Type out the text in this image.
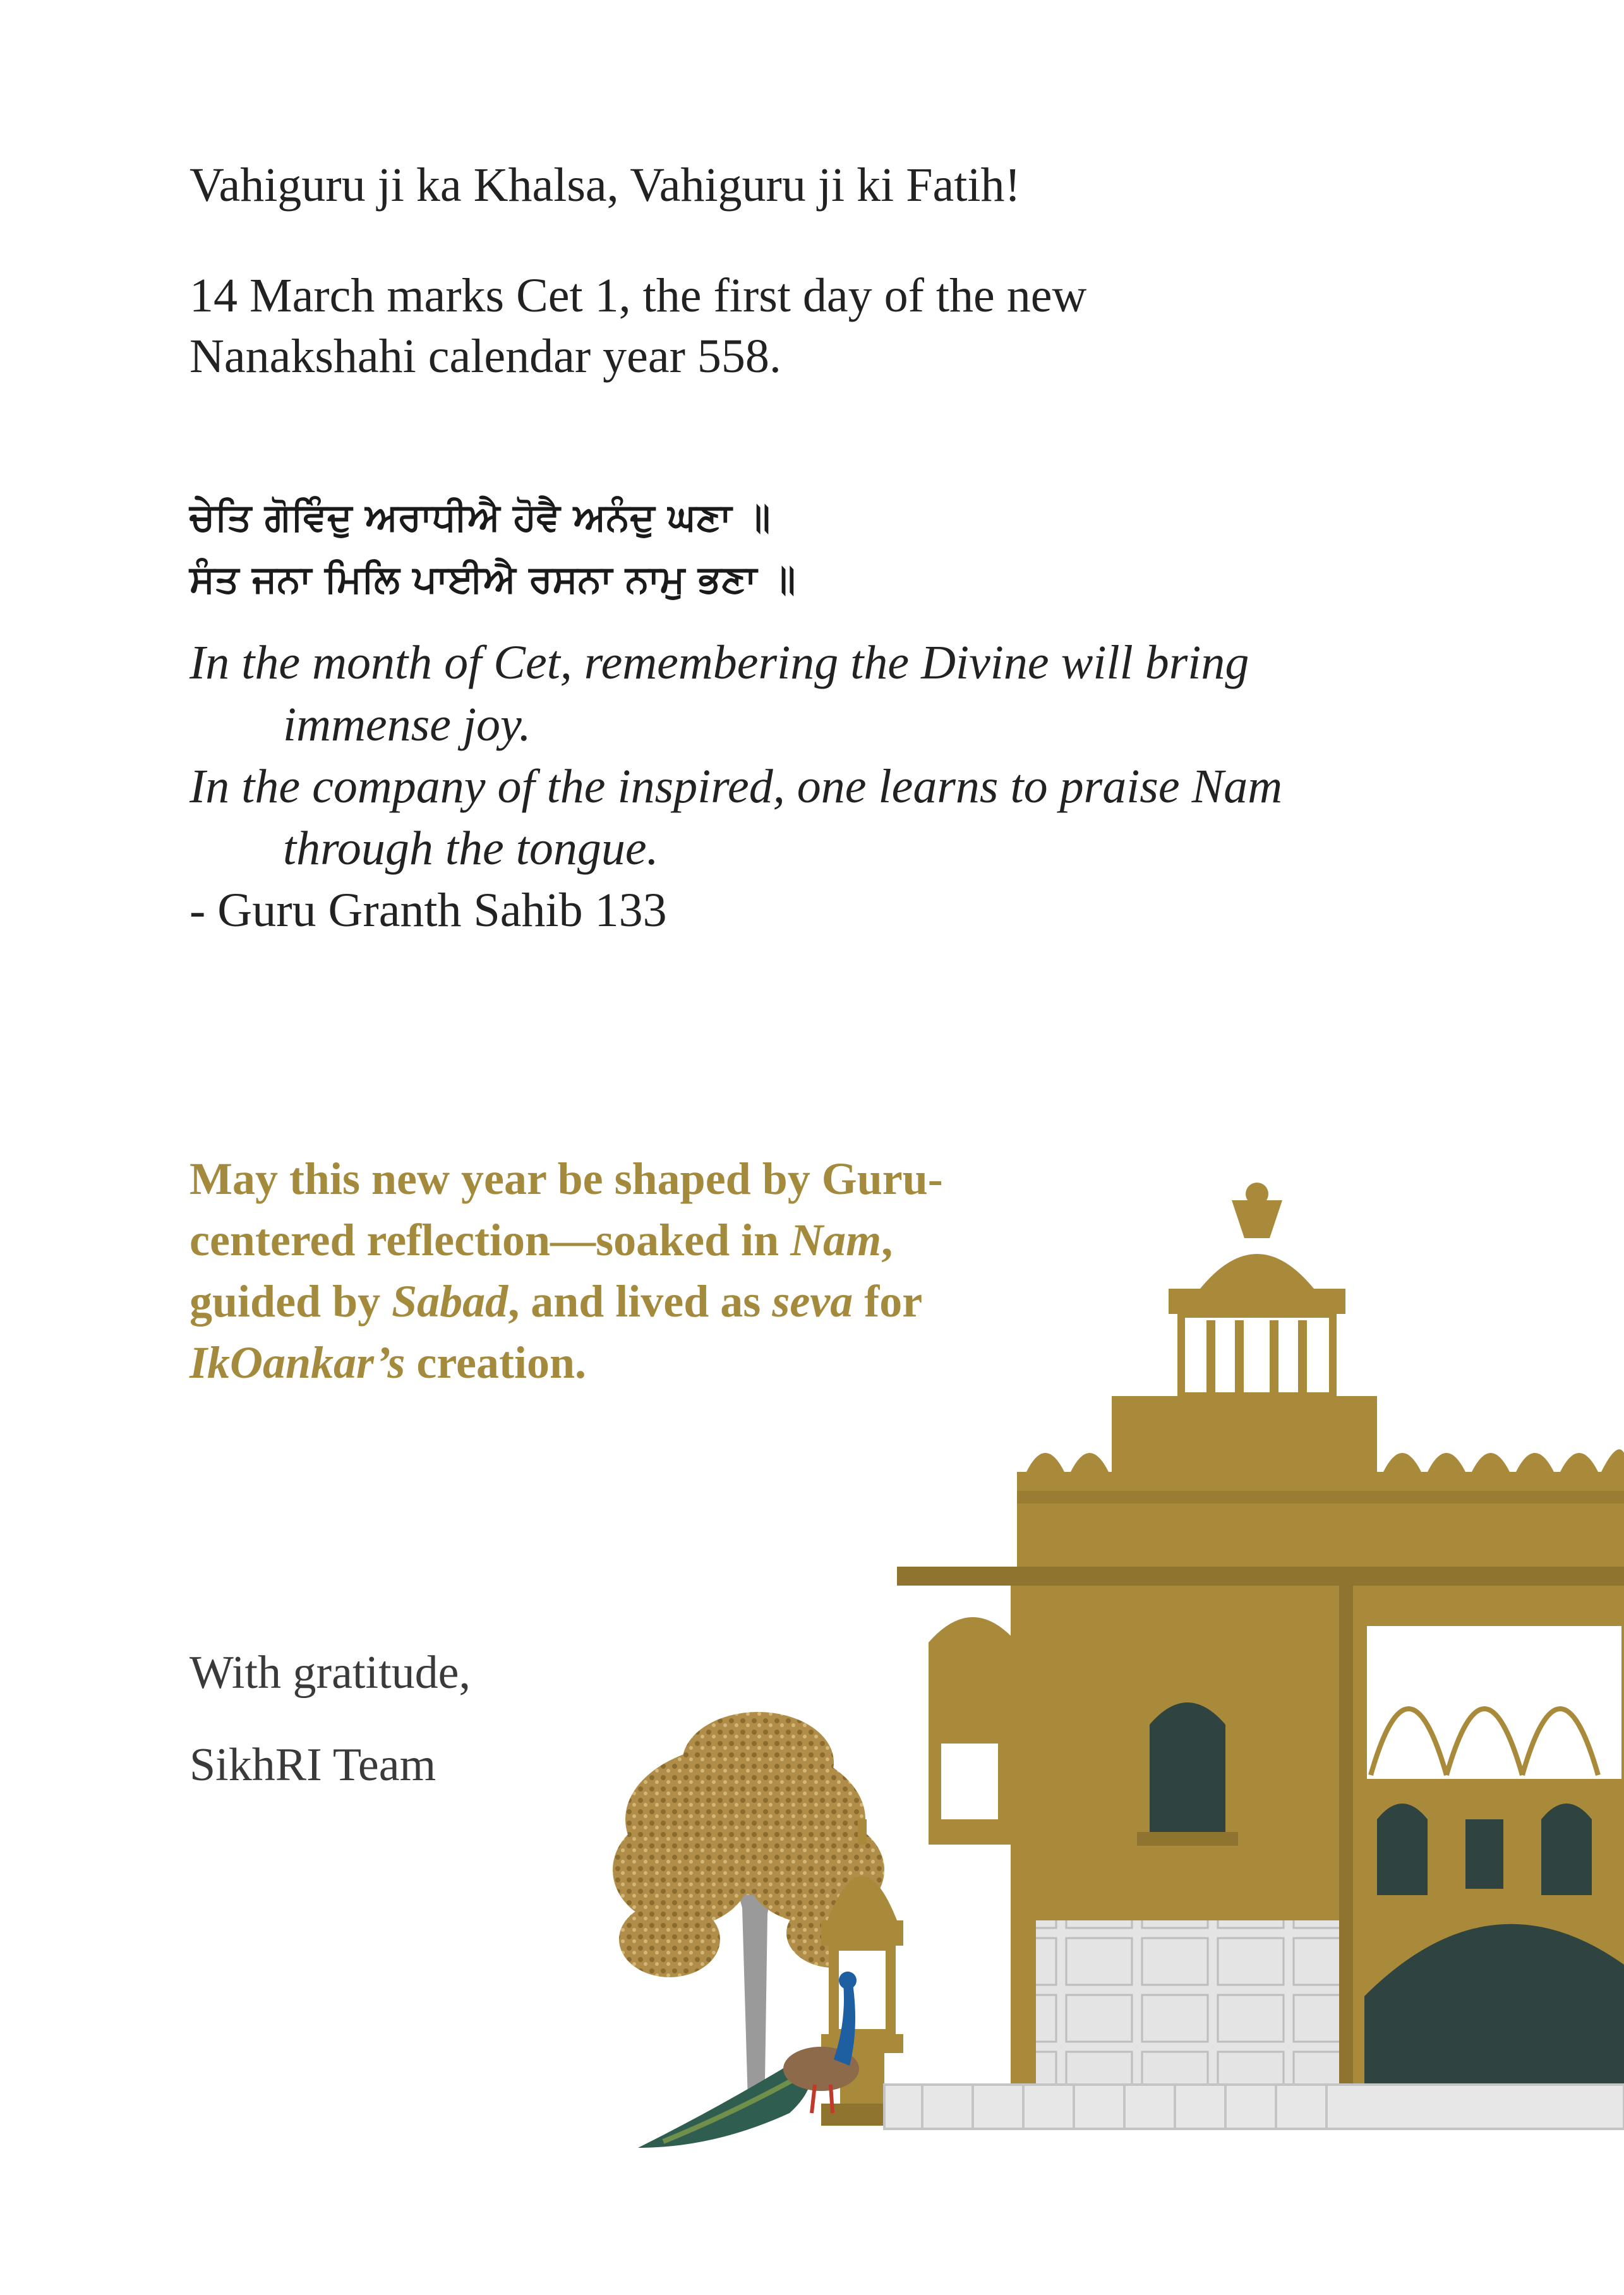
Vahiguru ji ka Khalsa, Vahiguru ji ki Fatih!

14 March marks Cet 1, the first day of the new
Nanakshahi calendar year 558.
ਚੇਤਿ ਗੋਵਿੰਦੁ ਅਰਾਧੀਐ ਹੋਵੈ ਅਨੰਦੁ ਘਣਾ ॥
ਸੰਤ ਜਨਾ ਮਿਲਿ ਪਾਈਐ ਰਸਨਾ ਨਾਮੁ ਭਣਾ ॥
In the month of Cet, remembering the Divine will bring
immense joy.
In the company of the inspired, one learns to praise Nam
through the tongue.
- Guru Granth Sahib 133

May this new year be shaped by Guru-centered reflection—soaked in Nam, guided by Sabad, and lived as seva for IkOankar’s creation.

With gratitude,
SikhRI Team
